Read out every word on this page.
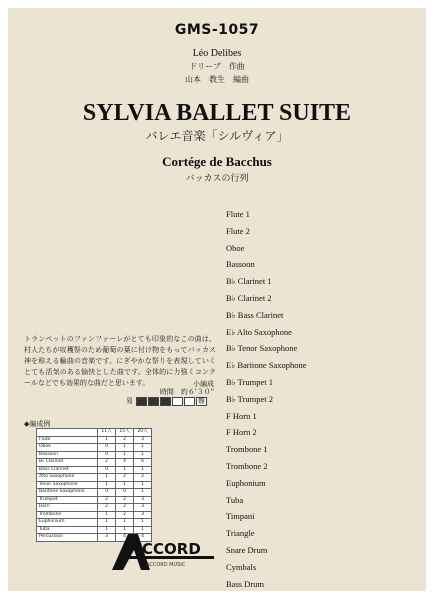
GMS-1057
Léo Delibes
ドリーブ　作曲
山本　教生　編曲
SYLVIA BALLET SUITE
バレエ音楽「シルヴィア」
Cortége de Bacchus
バッカスの行列
Flute 1
Flute 2
Oboe
Bassoon
B♭ Clarinet 1
B♭ Clarinet 2
B♭ Bass Clarinet
E♭ Alto Saxophone
B♭ Tenor Saxophone
E♭ Baritone Saxophone
B♭ Trumpet 1
B♭ Trumpet 2
F Horn 1
F Horn 2
Trombone 1
Trombone 2
Euphonium
Tuba
Timpani
Triangle
Snare Drum
Cymbals
Bass Drum
トランペットのファンファーレがとても印象的なこの曲は、村人たちが収穫祭のため葡萄の葉に付け物をもってバッカス神を称える輪曲の音楽です。にぎやかな祭りを表現していくとても活気のある愉快とした曲です。全体的に力強くコンクールなどでも効果的な曲だと思います。	小編成
時間　約６'３０"
易	難
◆編成例
	11人	15人	20人
Flute	1	2	3
Oboe	0	1	1
Bassoon	0	1	1
B♭ Clarinet	2	4	6
Bass Clarinet	0	1	1
Alto Saxophone	1	2	2
Tenor Saxophone	1	1	1
Baritone Saxophone	0	0	1
Trumpet	2	2	3
Horn	2	2	3
Trombone	1	2	3
Euphonium	1	1	1
Tuba	1	1	1
Percussion	3	4	4
CCORD
ACCORD MUSIC
